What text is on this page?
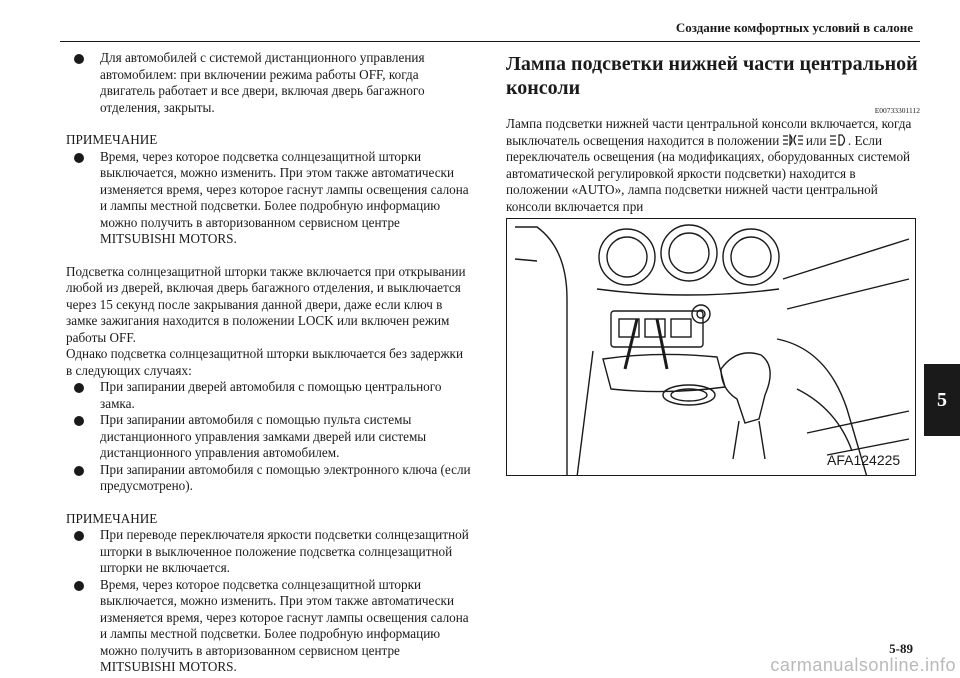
Создание комфортных условий в салоне
Для автомобилей с системой дистанционного управления автомобилем: при включении режима работы OFF, когда двигатель работает и все двери, включая дверь багажного отделения, закрыты.
ПРИМЕЧАНИЕ
Время, через которое подсветка солнцезащитной шторки выключается, можно изменить. При этом также автоматически изменяется время, через которое гаснут лампы освещения салона и лампы местной подсветки. Более подробную информацию можно получить в авторизованном сервисном центре MITSUBISHI MOTORS.
Подсветка солнцезащитной шторки также включается при открывании любой из дверей, включая дверь багажного отделения, и выключается через 15 секунд после закрывания данной двери, даже если ключ в замке зажигания находится в положении LOCK или включен режим работы OFF.
Однако подсветка солнцезащитной шторки выключается без задержки в следующих случаях:
При запирании дверей автомобиля с помощью центрального замка.
При запирании автомобиля с помощью пульта системы дистанционного управления замками дверей или системы дистанционного управления автомобилем.
При запирании автомобиля с помощью электронного ключа (если предусмотрено).
ПРИМЕЧАНИЕ
При переводе переключателя яркости подсветки солнцезащитной шторки в выключенное положение подсветка солнцезащитной шторки не включается.
Время, через которое подсветка солнцезащитной шторки выключается, можно изменить. При этом также автоматически изменяется время, через которое гаснут лампы освещения салона и лампы местной подсветки. Более подробную информацию можно получить в авторизованном сервисном центре MITSUBISHI MOTORS.
Лампа подсветки нижней части центральной консоли
E00733301112
Лампа подсветки нижней части центральной консоли включается, когда выключатель освещения находится в положении или . Если переключатель освещения (на модификациях, оборудованных системой автоматической регулировкой яркости подсветки) находится в положении «AUTO», лампа подсветки нижней части центральной консоли включается при
AFA124225
5
5-89
carmanualsonline.info
